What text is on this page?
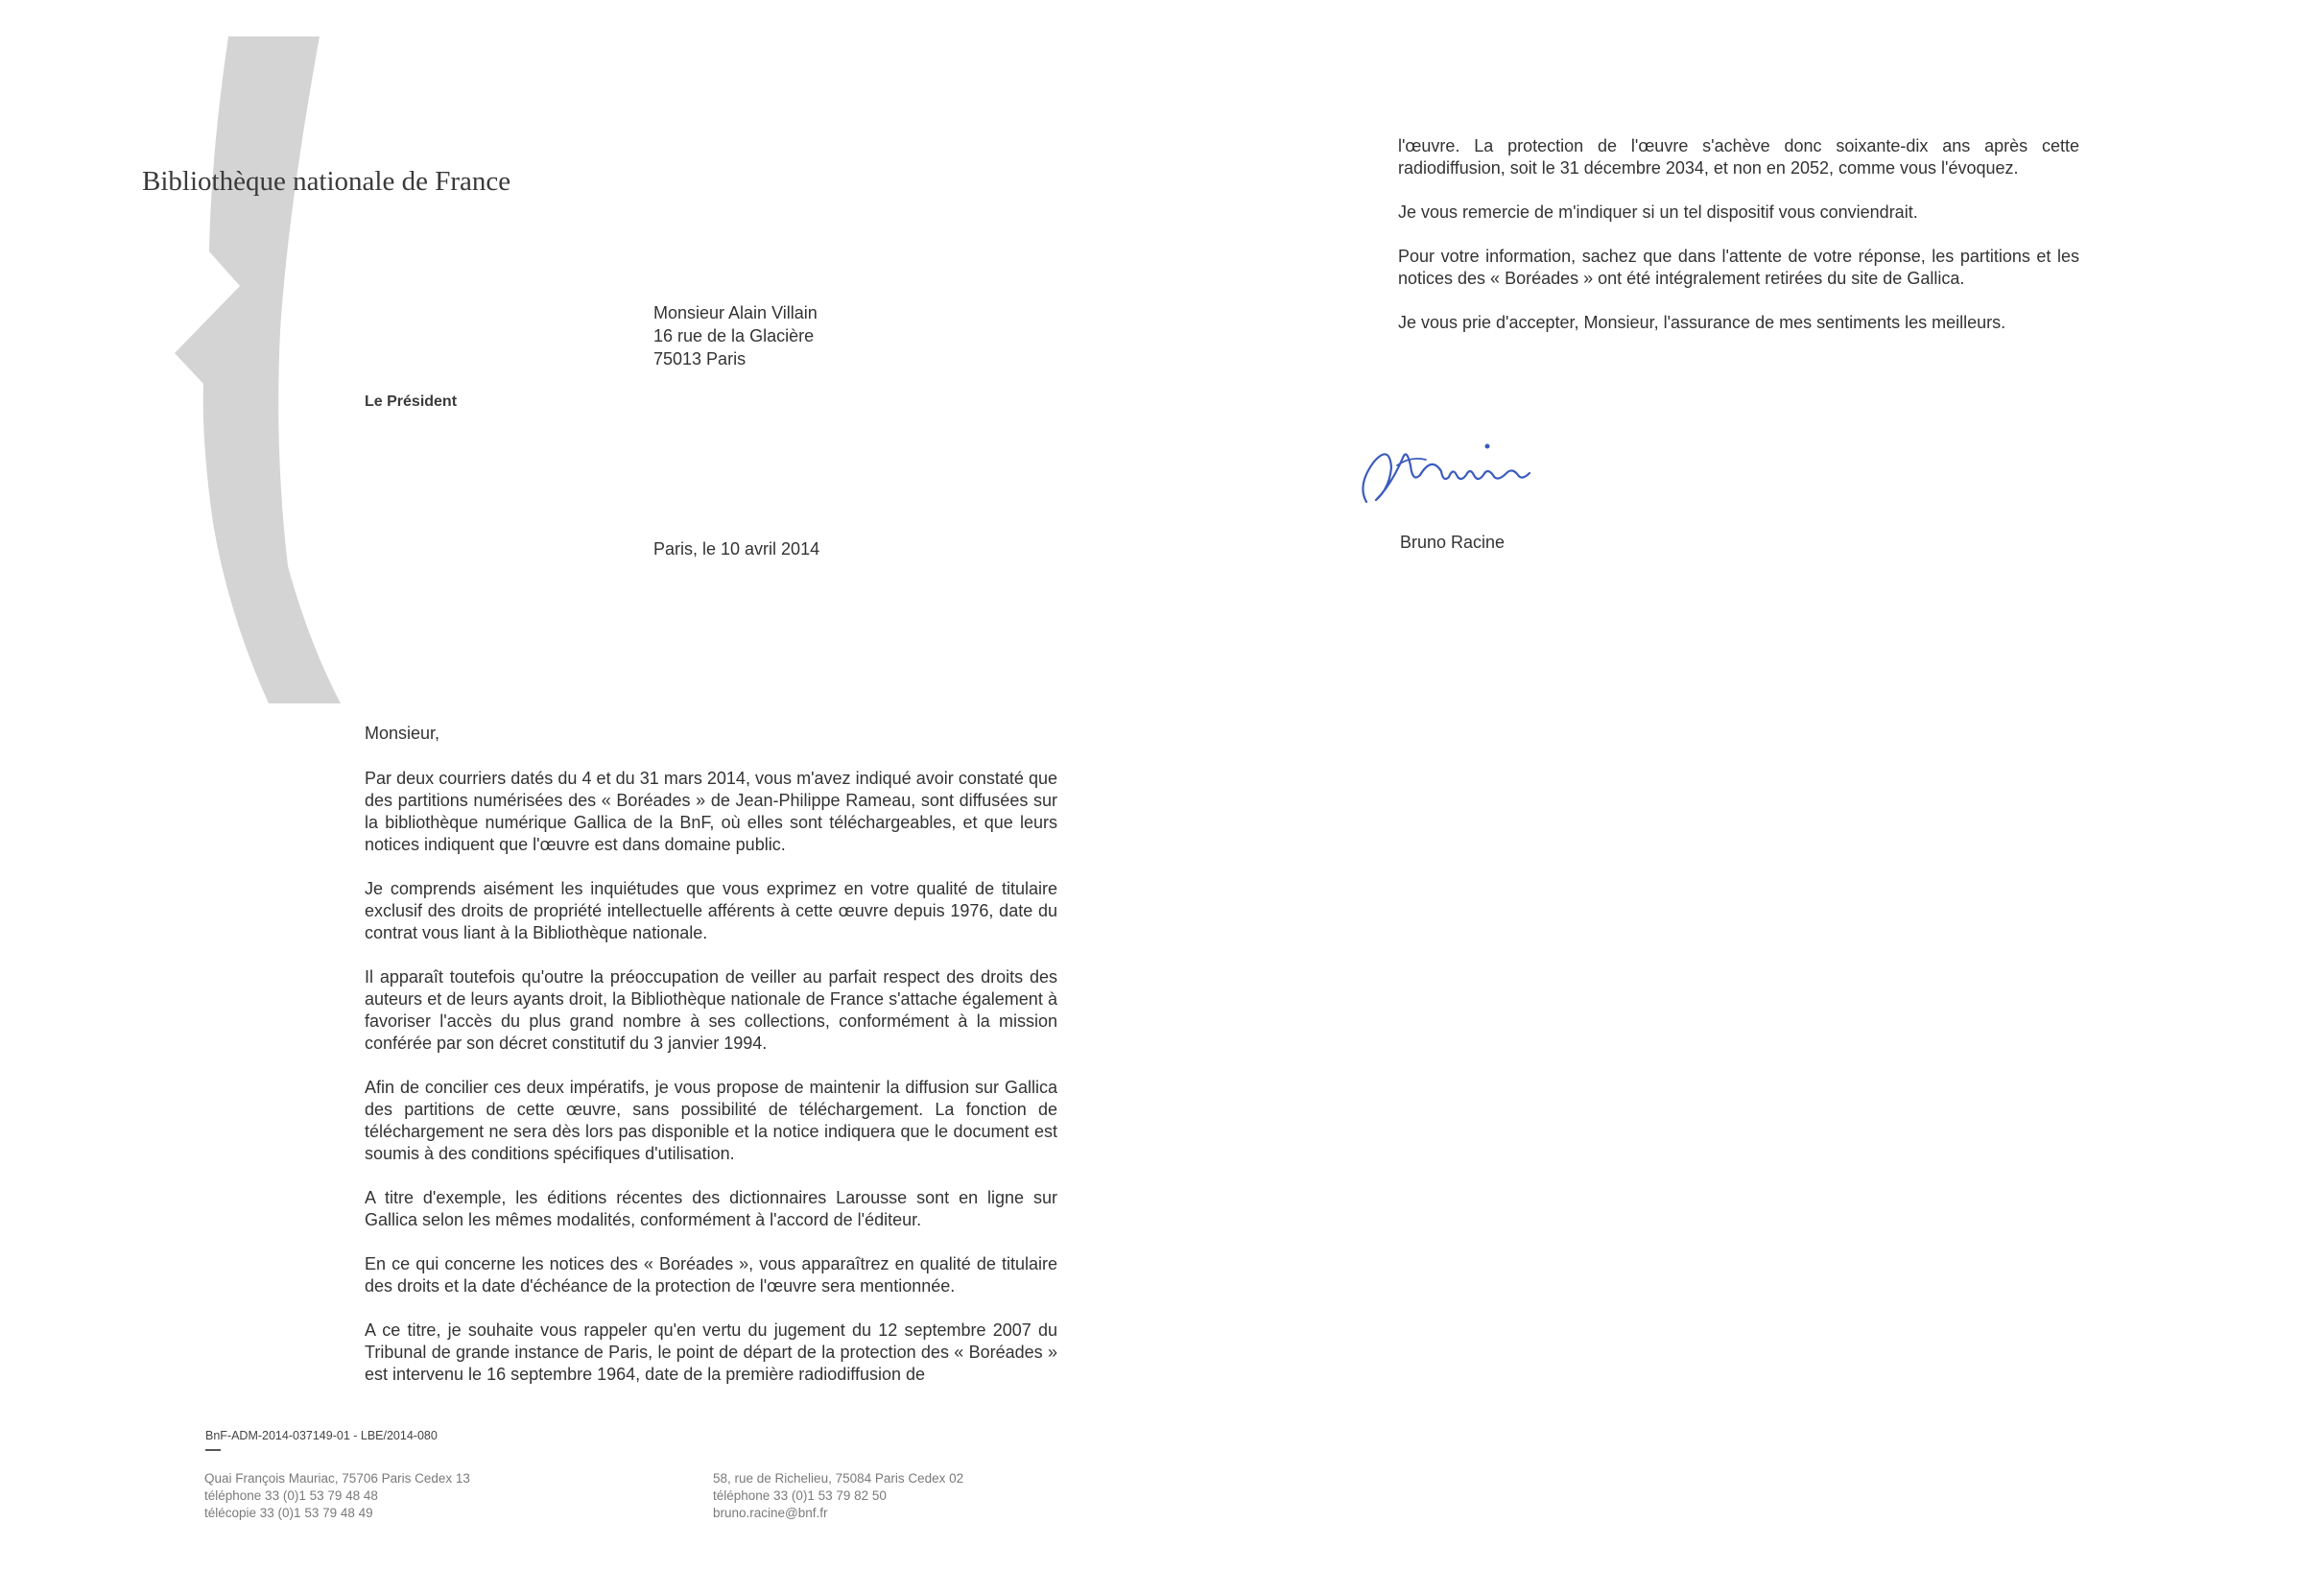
Bibliothèque nationale de France
Le Président
Monsieur Alain Villain
16 rue de la Glacière
75013 Paris
Paris, le 10 avril 2014

Monsieur,

Par deux courriers datés du 4 et du 31 mars 2014, vous m'avez indiqué avoir constaté que des partitions numérisées des « Boréades » de Jean-Philippe Rameau, sont diffusées sur la bibliothèque numérique Gallica de la BnF, où elles sont téléchargeables, et que leurs notices indiquent que l'œuvre est dans domaine public.

Je comprends aisément les inquiétudes que vous exprimez en votre qualité de titulaire exclusif des droits de propriété intellectuelle afférents à cette œuvre depuis 1976, date du contrat vous liant à la Bibliothèque nationale.

Il apparaît toutefois qu'outre la préoccupation de veiller au parfait respect des droits des auteurs et de leurs ayants droit, la Bibliothèque nationale de France s'attache également à favoriser l'accès du plus grand nombre à ses collections, conformément à la mission conférée par son décret constitutif du 3 janvier 1994.

Afin de concilier ces deux impératifs, je vous propose de maintenir la diffusion sur Gallica des partitions de cette œuvre, sans possibilité de téléchargement. La fonction de téléchargement ne sera dès lors pas disponible et la notice indiquera que le document est soumis à des conditions spécifiques d'utilisation.

A titre d'exemple, les éditions récentes des dictionnaires Larousse sont en ligne sur Gallica selon les mêmes modalités, conformément à l'accord de l'éditeur.

En ce qui concerne les notices des « Boréades », vous apparaîtrez en qualité de titulaire des droits et la date d'échéance de la protection de l'œuvre sera mentionnée.

A ce titre, je souhaite vous rappeler qu'en vertu du jugement du 12 septembre 2007 du Tribunal de grande instance de Paris, le point de départ de la protection des « Boréades » est intervenu le 16 septembre 1964, date de la première radiodiffusion de

BnF-ADM-2014-037149-01 - LBE/2014-080
Quai François Mauriac, 75706 Paris Cedex 13
téléphone 33 (0)1 53 79 48 48
télécopie 33 (0)1 53 79 48 49
58, rue de Richelieu, 75084 Paris Cedex 02
téléphone 33 (0)1 53 79 82 50
bruno.racine@bnf.fr

l'œuvre. La protection de l'œuvre s'achève donc soixante-dix ans après cette radiodiffusion, soit le 31 décembre 2034, et non en 2052, comme vous l'évoquez.

Je vous remercie de m'indiquer si un tel dispositif vous conviendrait.

Pour votre information, sachez que dans l'attente de votre réponse, les partitions et les notices des « Boréades » ont été intégralement retirées du site de Gallica.

Je vous prie d'accepter, Monsieur, l'assurance de mes sentiments les meilleurs.

Bruno Racine
